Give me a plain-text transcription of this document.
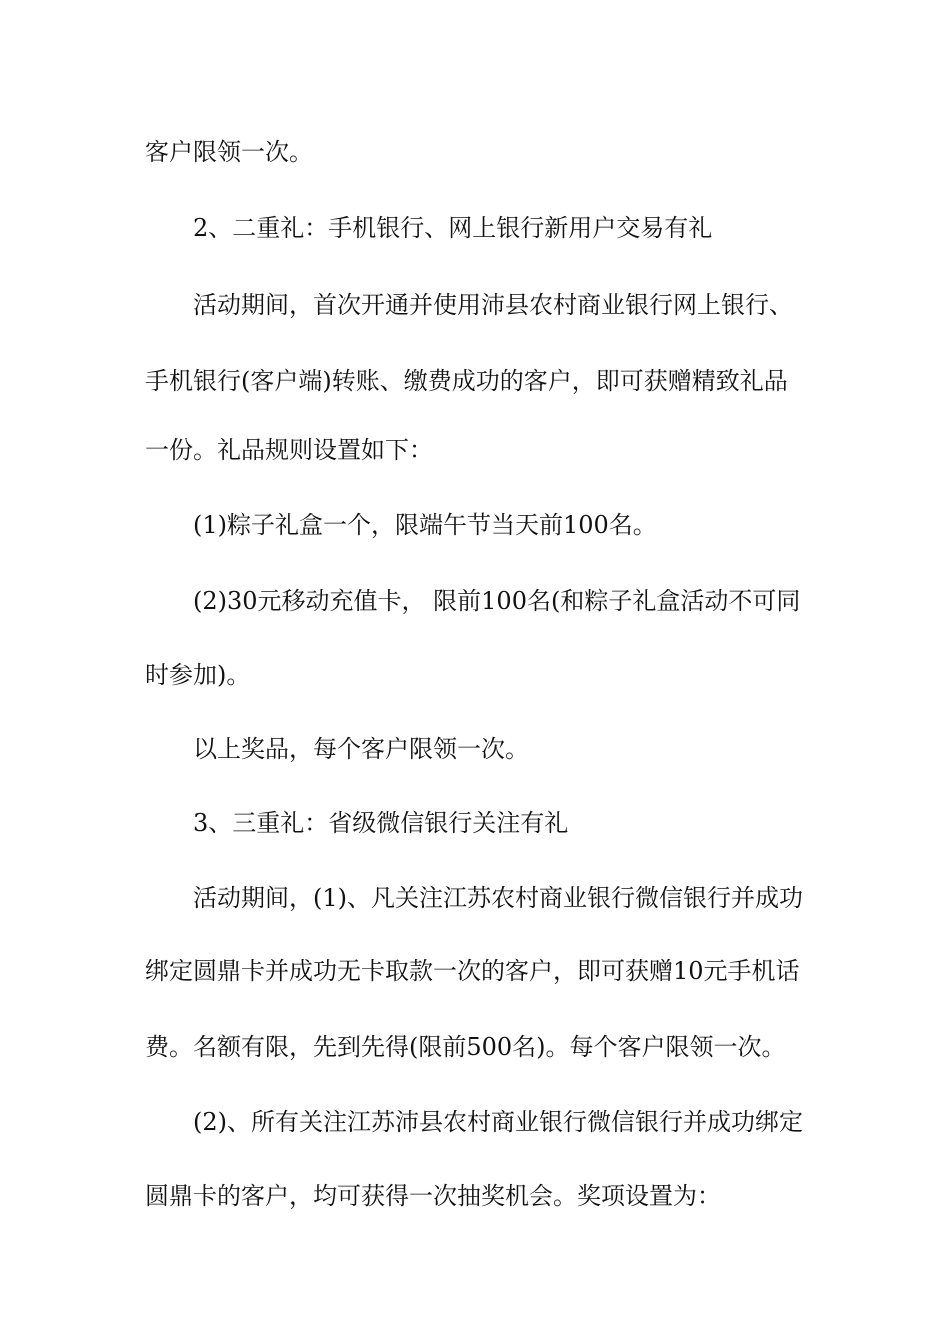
客户限领一次。
2、二重礼：手机银行、网上银行新用户交易有礼
活动期间，首次开通并使用沛县农村商业银行网上银行、
手机银行(客户端)转账、缴费成功的客户，即可获赠精致礼品
一份。礼品规则设置如下：
(1)粽子礼盒一个，限端午节当天前100名。
(2)30元移动充值卡， 限前100名(和粽子礼盒活动不可同
时参加)。
以上奖品，每个客户限领一次。
3、三重礼：省级微信银行关注有礼
活动期间，(1)、凡关注江苏农村商业银行微信银行并成功
绑定圆鼎卡并成功无卡取款一次的客户，即可获赠10元手机话
费。名额有限，先到先得(限前500名)。每个客户限领一次。
(2)、所有关注江苏沛县农村商业银行微信银行并成功绑定
圆鼎卡的客户，均可获得一次抽奖机会。奖项设置为：
